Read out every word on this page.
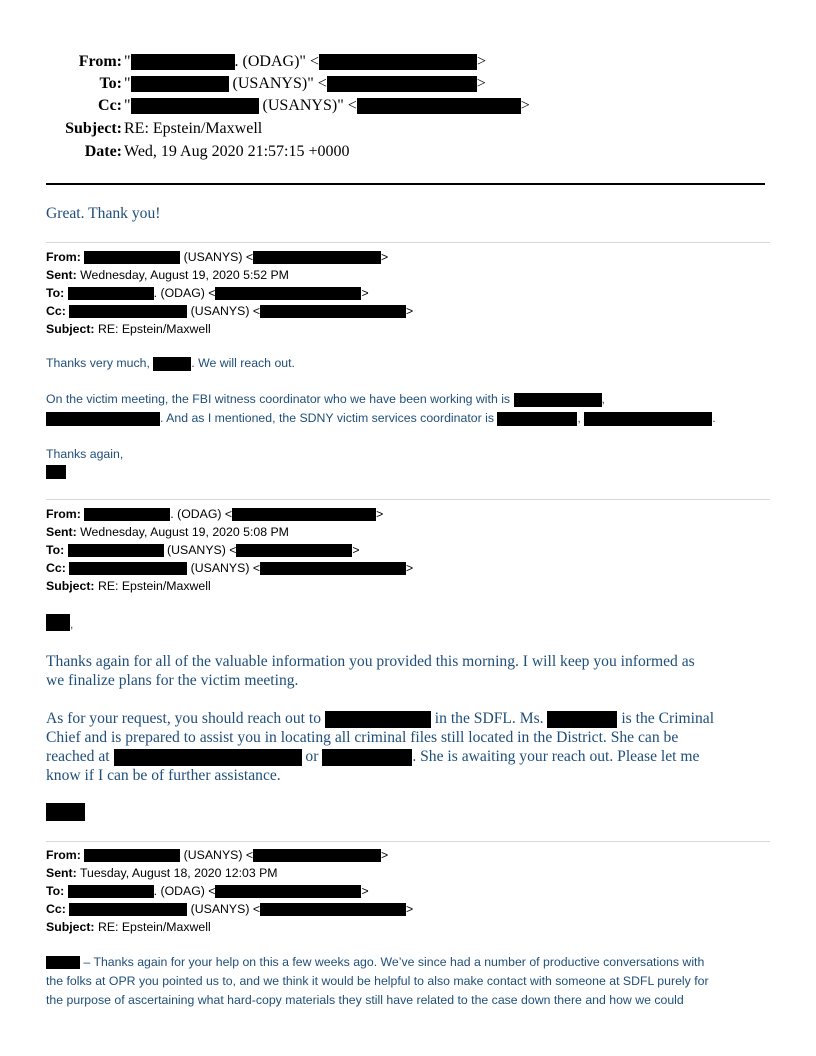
From: "	. (ODAG)" <	>
To: "	(USANYS)" <	>
Cc: "	(USANYS)" <	>
Subject: RE: Epstein/Maxwell
Date: Wed, 19 Aug 2020 21:57:15 +0000
Great. Thank you!
From:	(USANYS) <	>
Sent: Wednesday, August 19, 2020 5:52 PM
To:	. (ODAG) <	>
Cc:	(USANYS) <	>
Subject: RE: Epstein/Maxwell
Thanks very much,	. We will reach out.
On the victim meeting, the FBI witness coordinator who we have been working with is	,
. And as I mentioned, the SDNY victim services coordinator is	,	.
Thanks again,
From:	. (ODAG) <	>
Sent: Wednesday, August 19, 2020 5:08 PM
To:	(USANYS) <	>
Cc:	(USANYS) <	>
Subject: RE: Epstein/Maxwell
,
Thanks again for all of the valuable information you provided this morning. I will keep you informed as
we finalize plans for the victim meeting.
As for your request, you should reach out to	in the SDFL. Ms.	is the Criminal
Chief and is prepared to assist you in locating all criminal files still located in the District. She can be
reached at	or	. She is awaiting your reach out. Please let me
know if I can be of further assistance.
From:	(USANYS) <	>
Sent: Tuesday, August 18, 2020 12:03 PM
To:	. (ODAG) <	>
Cc:	(USANYS) <	>
Subject: RE: Epstein/Maxwell
– Thanks again for your help on this a few weeks ago. We’ve since had a number of productive conversations with
the folks at OPR you pointed us to, and we think it would be helpful to also make contact with someone at SDFL purely for
the purpose of ascertaining what hard-copy materials they still have related to the case down there and how we could
